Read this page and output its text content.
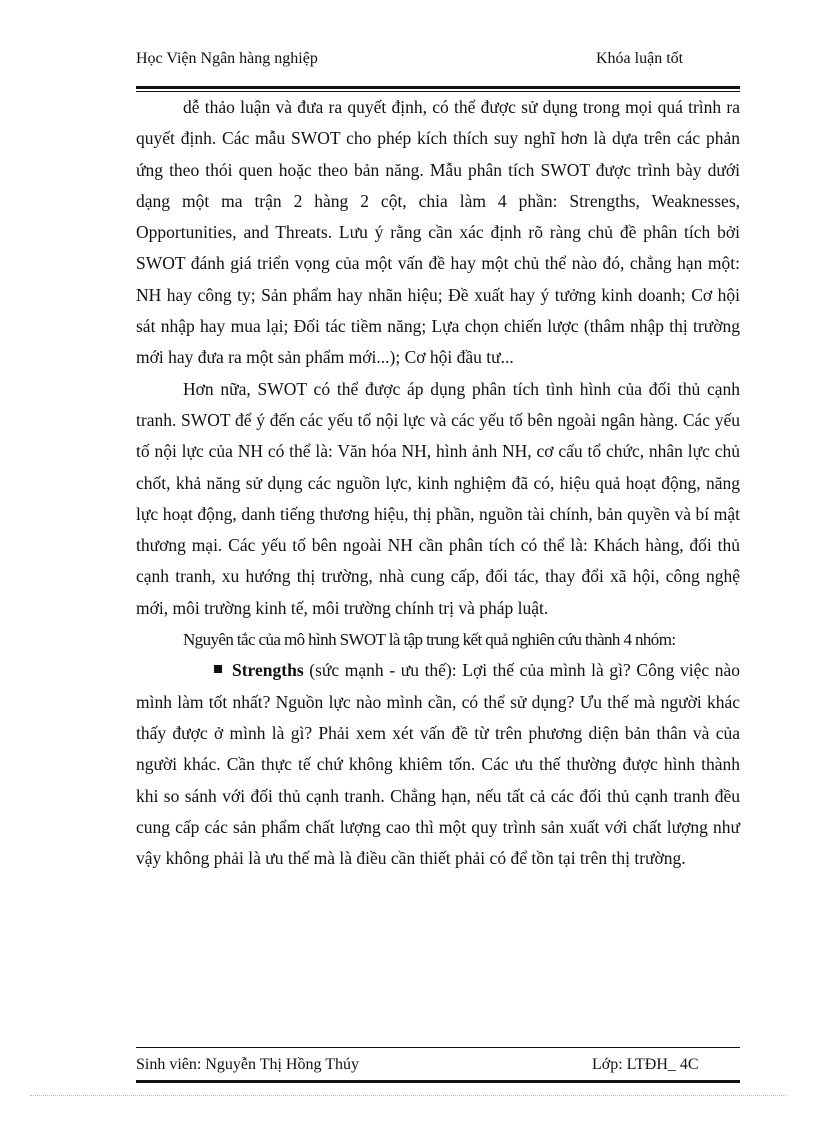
Học Viện Ngân hàng nghiệp	Khóa luận tốt

dễ thảo luận và đưa ra quyết định, có thể được sử dụng trong mọi quá trình ra quyết định. Các mẫu SWOT cho phép kích thích suy nghĩ hơn là dựa trên các phản ứng theo thói quen hoặc theo bản năng. Mẫu phân tích SWOT được trình bày dưới dạng một ma trận 2 hàng 2 cột, chia làm 4 phần: Strengths, Weaknesses, Opportunities, and Threats. Lưu ý rằng cần xác định rõ ràng chủ đề phân tích bởi SWOT đánh giá triển vọng của một vấn đề hay một chủ thể nào đó, chẳng hạn một: NH hay công ty; Sản phẩm hay nhãn hiệu; Đề xuất hay ý tưởng kinh doanh; Cơ hội sát nhập hay mua lại; Đối tác tiềm năng; Lựa chọn chiến lược (thâm nhập thị trường mới hay đưa ra một sản phẩm mới...); Cơ hội đầu tư...

Hơn nữa, SWOT có thể được áp dụng phân tích tình hình của đối thủ cạnh tranh. SWOT để ý đến các yếu tố nội lực và các yếu tố bên ngoài ngân hàng. Các yếu tố nội lực của NH có thể là: Văn hóa NH, hình ảnh NH, cơ cấu tổ chức, nhân lực chủ chốt, khả năng sử dụng các nguồn lực, kinh nghiệm đã có, hiệu quả hoạt động, năng lực hoạt động, danh tiếng thương hiệu, thị phần, nguồn tài chính, bản quyền và bí mật thương mại. Các yếu tố bên ngoài NH cần phân tích có thể là: Khách hàng, đối thủ cạnh tranh, xu hướng thị trường, nhà cung cấp, đối tác, thay đổi xã hội, công nghệ mới, môi trường kinh tế, môi trường chính trị và pháp luật.

Nguyên tắc của mô hình SWOT là tập trung kết quả nghiên cứu thành 4 nhóm:

Strengths (sức mạnh - ưu thế): Lợi thế của mình là gì? Công việc nào mình làm tốt nhất? Nguồn lực nào mình cần, có thể sử dụng? Ưu thế mà người khác thấy được ở mình là gì? Phải xem xét vấn đề từ trên phương diện bản thân và của người khác. Cần thực tế chứ không khiêm tốn. Các ưu thế thường được hình thành khi so sánh với đối thủ cạnh tranh. Chẳng hạn, nếu tất cả các đối thủ cạnh tranh đều cung cấp các sản phẩm chất lượng cao thì một quy trình sản xuất với chất lượng như vậy không phải là ưu thế mà là điều cần thiết phải có để tồn tại trên thị trường.

Sinh viên: Nguyễn Thị Hồng Thúy	Lớp: LTĐH_ 4C
